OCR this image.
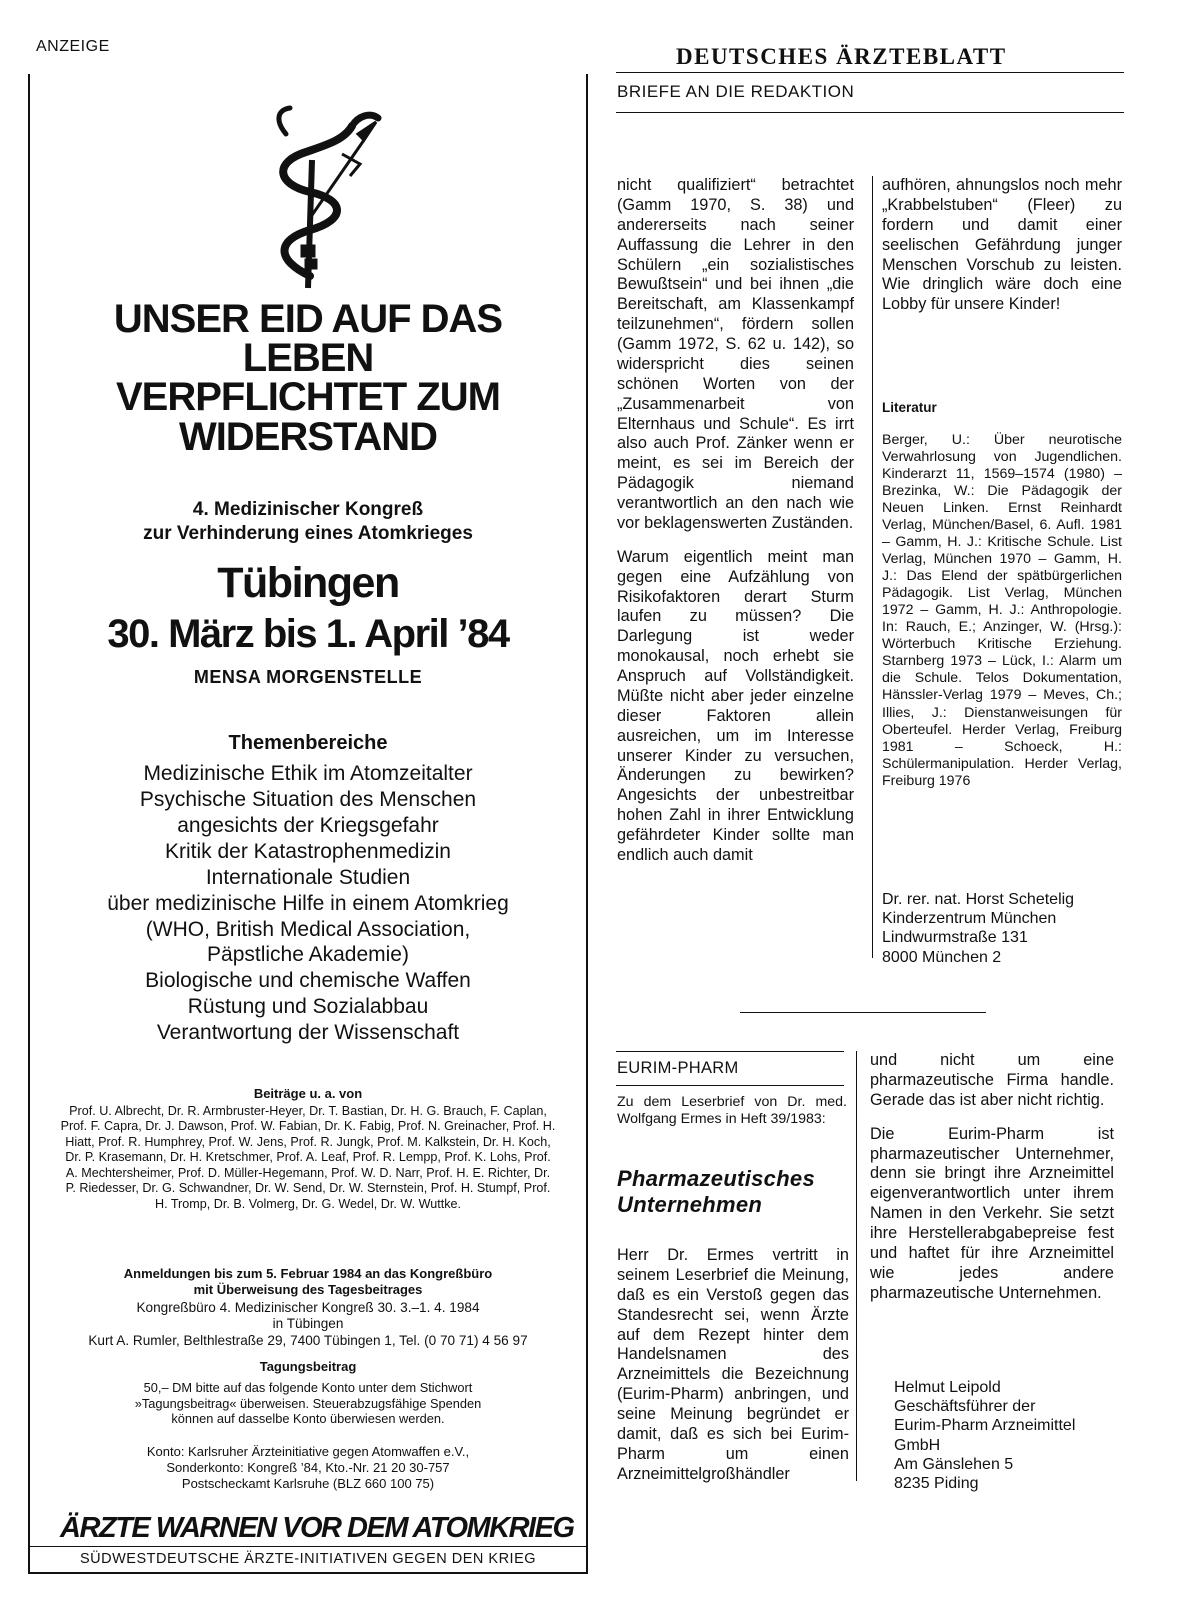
ANZEIGE	DEUTSCHES ÄRZTEBLATT
BRIEFE AN DIE REDAKTION
UNSER EID AUF DAS
LEBEN
VERPFLICHTET ZUM
WIDERSTAND
4. Medizinischer Kongreß
zur Verhinderung eines Atomkrieges
Tübingen
30. März bis 1. April ’84
MENSA MORGENSTELLE
Themenbereiche
Medizinische Ethik im Atomzeitalter
Psychische Situation des Menschen
angesichts der Kriegsgefahr
Kritik der Katastrophenmedizin
Internationale Studien
über medizinische Hilfe in einem Atomkrieg
(WHO, British Medical Association,
Päpstliche Akademie)
Biologische und chemische Waffen
Rüstung und Sozialabbau
Verantwortung der Wissenschaft
Beiträge u. a. von
Prof. U. Albrecht, Dr. R. Armbruster-Heyer, Dr. T. Bastian, Dr. H. G. Brauch, F. Caplan, Prof. F. Capra, Dr. J. Dawson, Prof. W. Fabian, Dr. K. Fabig, Prof. N. Greinacher, Prof. H. Hiatt, Prof. R. Humphrey, Prof. W. Jens, Prof. R. Jungk, Prof. M. Kalkstein, Dr. H. Koch, Dr. P. Krasemann, Dr. H. Kretschmer, Prof. A. Leaf, Prof. R. Lempp, Prof. K. Lohs, Prof. A. Mechtersheimer, Prof. D. Müller-Hegemann, Prof. W. D. Narr, Prof. H. E. Richter, Dr. P. Riedesser, Dr. G. Schwandner, Dr. W. Send, Dr. W. Sternstein, Prof. H. Stumpf, Prof. H. Tromp, Dr. B. Volmerg, Dr. G. Wedel, Dr. W. Wuttke.
Anmeldungen bis zum 5. Februar 1984 an das Kongreßbüro
mit Überweisung des Tagesbeitrages
Kongreßbüro 4. Medizinischer Kongreß 30. 3.–1. 4. 1984
in Tübingen
Kurt A. Rumler, Belthlestraße 29, 7400 Tübingen 1, Tel. (0 70 71) 4 56 97
Tagungsbeitrag
50,– DM bitte auf das folgende Konto unter dem Stichwort
»Tagungsbeitrag« überweisen. Steuerabzugsfähige Spenden
können auf dasselbe Konto überwiesen werden.
Konto: Karlsruher Ärzteinitiative gegen Atomwaffen e.V.,
Sonderkonto: Kongreß ’84, Kto.-Nr. 21 20 30-757
Postscheckamt Karlsruhe (BLZ 660 100 75)
ÄRZTE WARNEN VOR DEM ATOMKRIEG
SÜDWESTDEUTSCHE ÄRZTE-INITIATIVEN GEGEN DEN KRIEG

nicht qualifiziert“ betrachtet (Gamm 1970, S. 38) und andererseits nach seiner Auffassung die Lehrer in den Schülern „ein sozialistisches Bewußtsein“ und bei ihnen „die Bereitschaft, am Klassenkampf teilzunehmen“, fördern sollen (Gamm 1972, S. 62 u. 142), so widerspricht dies seinen schönen Worten von der „Zusammenarbeit von Elternhaus und Schule“. Es irrt also auch Prof. Zänker wenn er meint, es sei im Bereich der Pädagogik niemand verantwortlich an den nach wie vor beklagenswerten Zuständen.

Warum eigentlich meint man gegen eine Aufzählung von Risikofaktoren derart Sturm laufen zu müssen? Die Darlegung ist weder monokausal, noch erhebt sie Anspruch auf Vollständigkeit. Müßte nicht aber jeder einzelne dieser Faktoren allein ausreichen, um im Interesse unserer Kinder zu versuchen, Änderungen zu bewirken? Angesichts der unbestreitbar hohen Zahl in ihrer Entwicklung gefährdeter Kinder sollte man endlich auch damit

aufhören, ahnungslos noch mehr „Krabbelstuben“ (Fleer) zu fordern und damit einer seelischen Gefährdung junger Menschen Vorschub zu leisten. Wie dringlich wäre doch eine Lobby für unsere Kinder!

Literatur
Berger, U.: Über neurotische Verwahrlosung von Jugendlichen. Kinderarzt 11, 1569–1574 (1980) – Brezinka, W.: Die Pädagogik der Neuen Linken. Ernst Reinhardt Verlag, München/Basel, 6. Aufl. 1981 – Gamm, H. J.: Kritische Schule. List Verlag, München 1970 – Gamm, H. J.: Das Elend der spätbürgerlichen Pädagogik. List Verlag, München 1972 – Gamm, H. J.: Anthropologie. In: Rauch, E.; Anzinger, W. (Hrsg.): Wörterbuch Kritische Erziehung. Starnberg 1973 – Lück, I.: Alarm um die Schule. Telos Dokumentation, Hänssler-Verlag 1979 – Meves, Ch.; Illies, J.: Dienstanweisungen für Oberteufel. Herder Verlag, Freiburg 1981 – Schoeck, H.: Schülermanipulation. Herder Verlag, Freiburg 1976
Dr. rer. nat. Horst Schetelig
Kinderzentrum München
Lindwurmstraße 131
8000 München 2
EURIM-PHARM
Zu dem Leserbrief von Dr. med. Wolfgang Ermes in Heft 39/1983:
Pharmazeutisches
Unternehmen

Herr Dr. Ermes vertritt in seinem Leserbrief die Meinung, daß es ein Verstoß gegen das Standesrecht sei, wenn Ärzte auf dem Rezept hinter dem Handelsnamen des Arzneimittels die Bezeichnung (Eurim-Pharm) anbringen, und seine Meinung begründet er damit, daß es sich bei Eurim-Pharm um einen Arzneimittelgroßhändler

und nicht um eine pharmazeutische Firma handle. Gerade das ist aber nicht richtig.

Die Eurim-Pharm ist pharmazeutischer Unternehmer, denn sie bringt ihre Arzneimittel eigenverantwortlich unter ihrem Namen in den Verkehr. Sie setzt ihre Herstellerabgabepreise fest und haftet für ihre Arzneimittel wie jedes andere pharmazeutische Unternehmen.

Helmut Leipold
Geschäftsführer der
Eurim-Pharm Arzneimittel
GmbH
Am Gänslehen 5
8235 Piding
